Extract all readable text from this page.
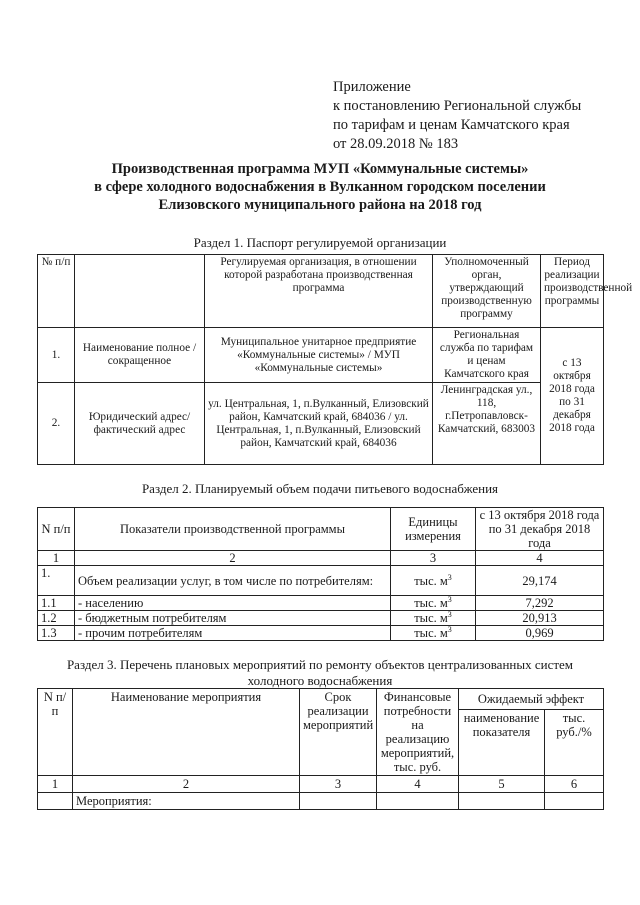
Приложение
к постановлению Региональной службы
по тарифам и ценам Камчатского края
от 28.09.2018 № 183
Производственная программа МУП «Коммунальные системы»
в сфере холодного водоснабжения в Вулканном городском поселении
Елизовского муниципального района на 2018 год
Раздел 1. Паспорт регулируемой организации
№ п/п		Регулируемая организация, в отношении которой разработана производственная программа	Уполномоченный орган, утверждающий производственную программу	Период реализации производственной программы
1.	Наименование полное / сокращенное	Муниципальное унитарное предприятие «Коммунальные системы» / МУП «Коммунальные системы»	Региональная служба по тарифам и ценам Камчатского края	с 13 октября 2018 года по 31 декабря 2018 года
2.	Юридический адрес/фактический адрес	ул. Центральная, 1, п.Вулканный, Елизовский район, Камчатский край, 684036 / ул. Центральная, 1, п.Вулканный, Елизовский район, Камчатский край, 684036	Ленинградская ул., 118, г.Петропавловск-Камчатский, 683003	
Раздел 2. Планируемый объем подачи питьевого водоснабжения
N п/п	Показатели производственной программы	Единицы измерения	с 13 октября 2018 года по 31 декабря 2018 года
1	2	3	4
1.	Объем реализации услуг, в том числе по потребителям:	тыс. $м^3$	29,174
1.1	- населению	тыс. $м^3$	7,292
1.2	- бюджетным потребителям	тыс. $м^3$	20,913
1.3	- прочим потребителям	тыс. $м^3$	0,969
Раздел 3. Перечень плановых мероприятий по ремонту объектов централизованных систем
холодного водоснабжения
N п/п	Наименование мероприятия	Срок реализации мероприятий	Финансовые потребности на реализацию мероприятий, тыс. руб.	Ожидаемый эффект	
				наименование показателя	тыс. руб./%
1	2	3	4	5	6
	Мероприятия:				
